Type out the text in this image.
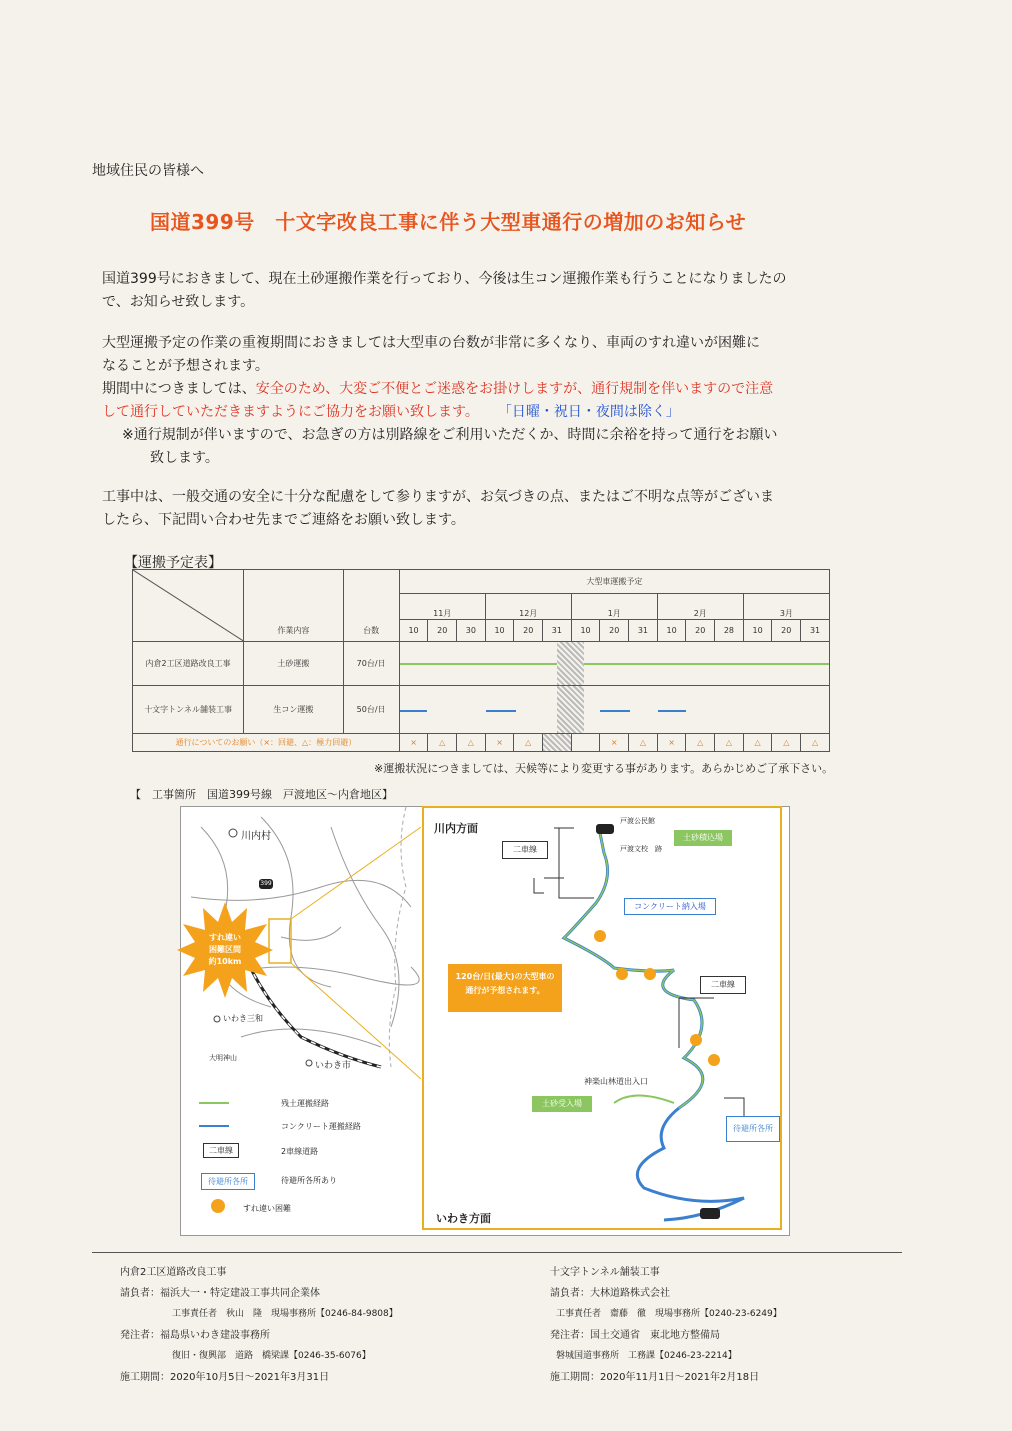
地域住民の皆様へ
国道399号　十文字改良工事に伴う大型車通行の増加のお知らせ
国道399号におきまして、現在土砂運搬作業を行っており、今後は生コン運搬作業も行うことになりましたの
で、お知らせ致します。
大型運搬予定の作業の重複期間におきましては大型車の台数が非常に多くなり、車両のすれ違いが困難に
なることが予想されます。
期間中につきましては、安全のため、大変ご不便とご迷惑をお掛けしますが、通行規制を伴いますので注意
して通行していただきますようにご協力をお願い致します。 「日曜・祝日・夜間は除く」
※通行規制が伴いますので、お急ぎの方は別路線をご利用いただくか、時間に余裕を持って通行をお願い
致します。
工事中は、一般交通の安全に十分な配慮をして参りますが、お気づきの点、またはご不明な点等がございま
したら、下記問い合わせ先までご連絡をお願い致します。
【運搬予定表】
			大型車運搬予定														
			11月			12月			1月			2月			3月		
	作業内容	台数	10	20	30	10	20	31	10	20	31	10	20	28	10	20	31
内倉2工区道路改良工事	土砂運搬	70台/日															

十文字トンネル舗装工事	生コン運搬	50台/日															

通行についてのお願い（×：回避、△：極力回避）			×	△	△	×	△			×	△	×	△	△	△	△	△
※運搬状況につきましては、天候等により変更する事があります。あらかじめご了承下さい。
【　工事箇所　国道399号線　戸渡地区～内倉地区】
川内村
いわき三和
いわき市
大明神山
399
すれ違い
困難区間
約10km
残土運搬経路
コンクリート運搬経路
二車線	2車線道路
待避所各所	待避所各所あり
すれ違い困難
川内方面
いわき方面
二車線
二車線
土砂積込場
コンクリート納入場
土砂受入場
神楽山林道出入口
戸渡公民館
戸渡文校　跡
待避所各所
120台/日(最大)の大型車の通行が予想されます。
内倉2工区道路改良工事
請負者：福浜大一・特定建設工事共同企業体
工事責任者　秋山　隆　現場事務所【0246-84-9808】
発注者：福島県いわき建設事務所
復旧・復興部　道路　橋梁課【0246-35-6076】
施工期間：2020年10月5日～2021年3月31日
十文字トンネル舗装工事
請負者：大林道路株式会社
工事責任者　齋藤　徹　現場事務所【0240-23-6249】
発注者：国土交通省　東北地方整備局
磐城国道事務所　工務課【0246-23-2214】
施工期間：2020年11月1日～2021年2月18日
